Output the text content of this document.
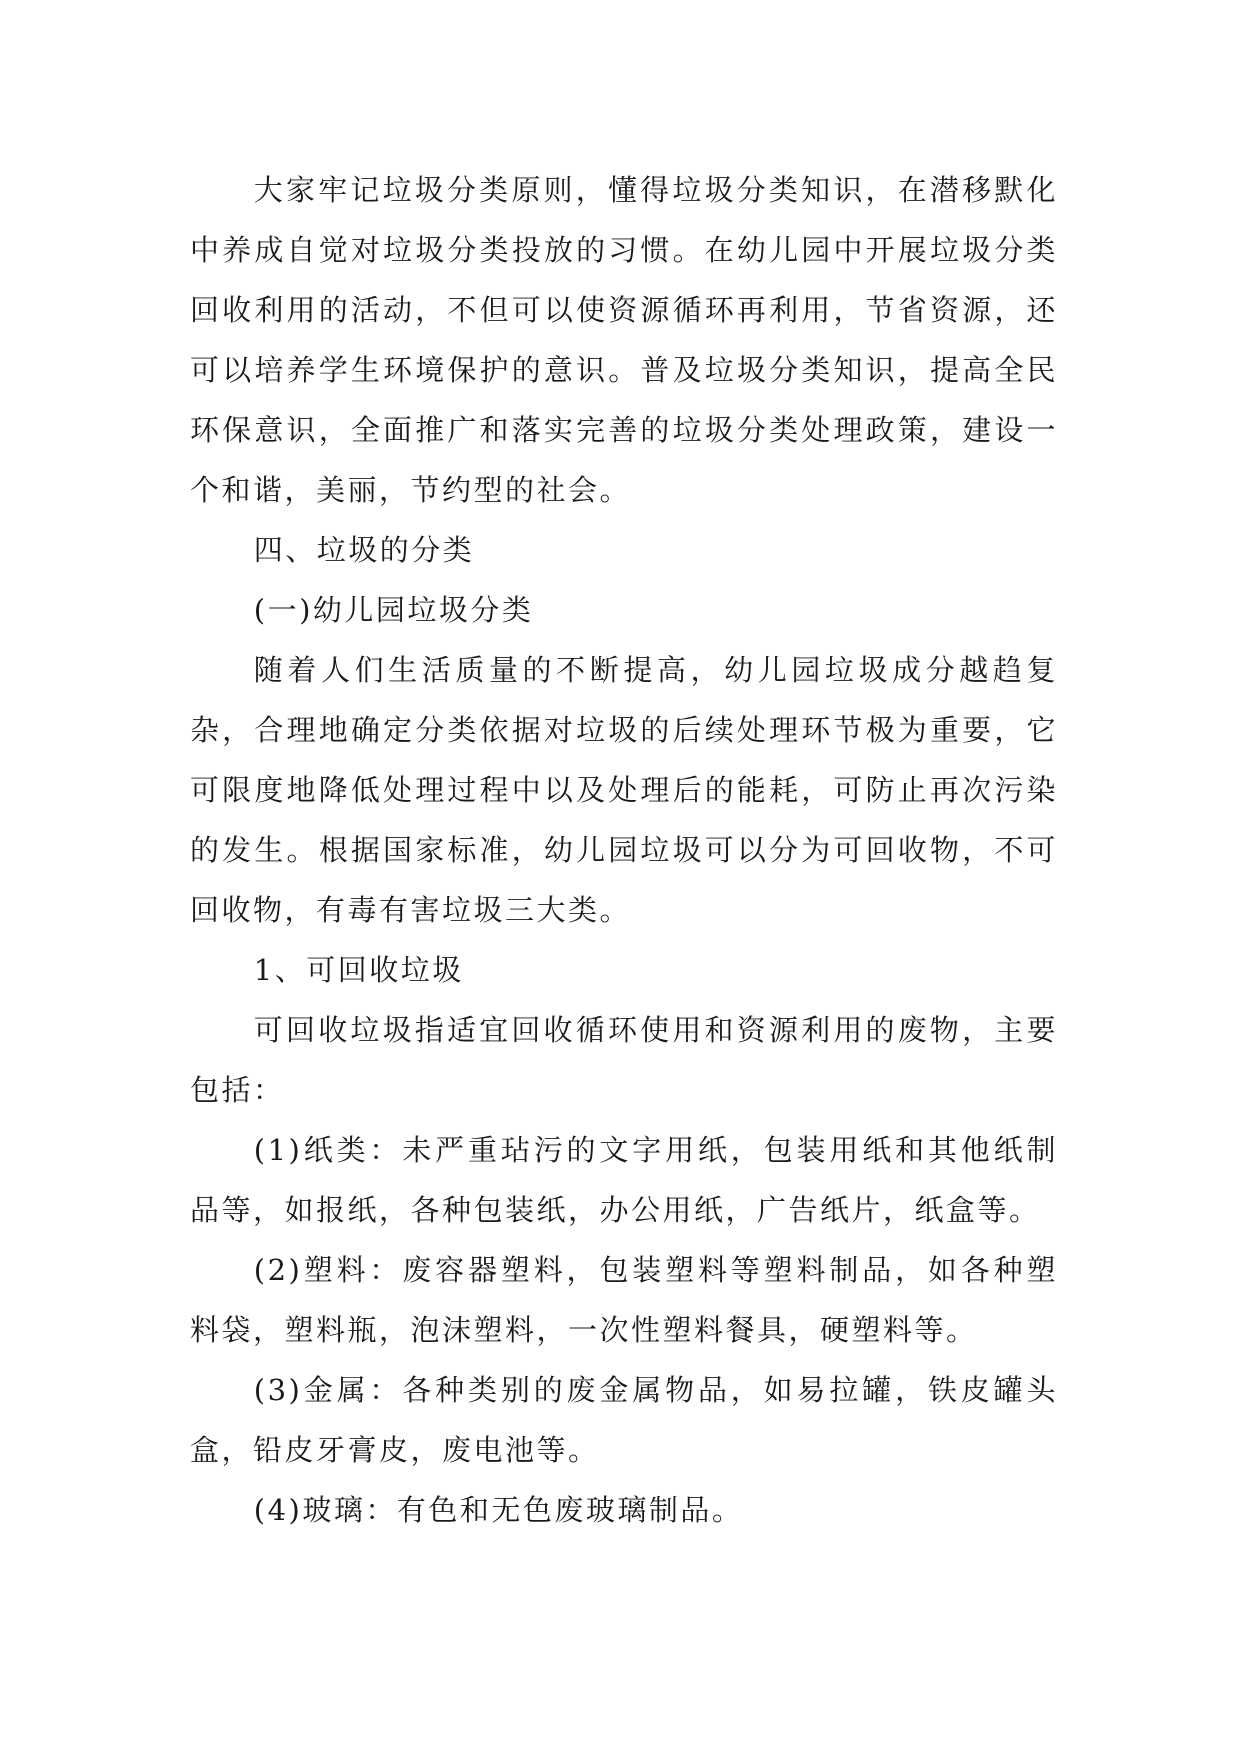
大家牢记垃圾分类原则，懂得垃圾分类知识，在潜移默化中养成自觉对垃圾分类投放的习惯。在幼儿园中开展垃圾分类回收利用的活动，不但可以使资源循环再利用，节省资源，还可以培养学生环境保护的意识。普及垃圾分类知识，提高全民环保意识，全面推广和落实完善的垃圾分类处理政策，建设一个和谐，美丽，节约型的社会。

四、垃圾的分类

(一)幼儿园垃圾分类

随着人们生活质量的不断提高，幼儿园垃圾成分越趋复杂，合理地确定分类依据对垃圾的后续处理环节极为重要，它可限度地降低处理过程中以及处理后的能耗，可防止再次污染的发生。根据国家标准，幼儿园垃圾可以分为可回收物，不可回收物，有毒有害垃圾三大类。

1、可回收垃圾

可回收垃圾指适宜回收循环使用和资源利用的废物，主要包括：

(1)纸类：未严重玷污的文字用纸，包装用纸和其他纸制品等，如报纸，各种包装纸，办公用纸，广告纸片，纸盒等。

(2)塑料：废容器塑料，包装塑料等塑料制品，如各种塑料袋，塑料瓶，泡沫塑料，一次性塑料餐具，硬塑料等。

(3)金属：各种类别的废金属物品，如易拉罐，铁皮罐头盒，铅皮牙膏皮，废电池等。

(4)玻璃：有色和无色废玻璃制品。
